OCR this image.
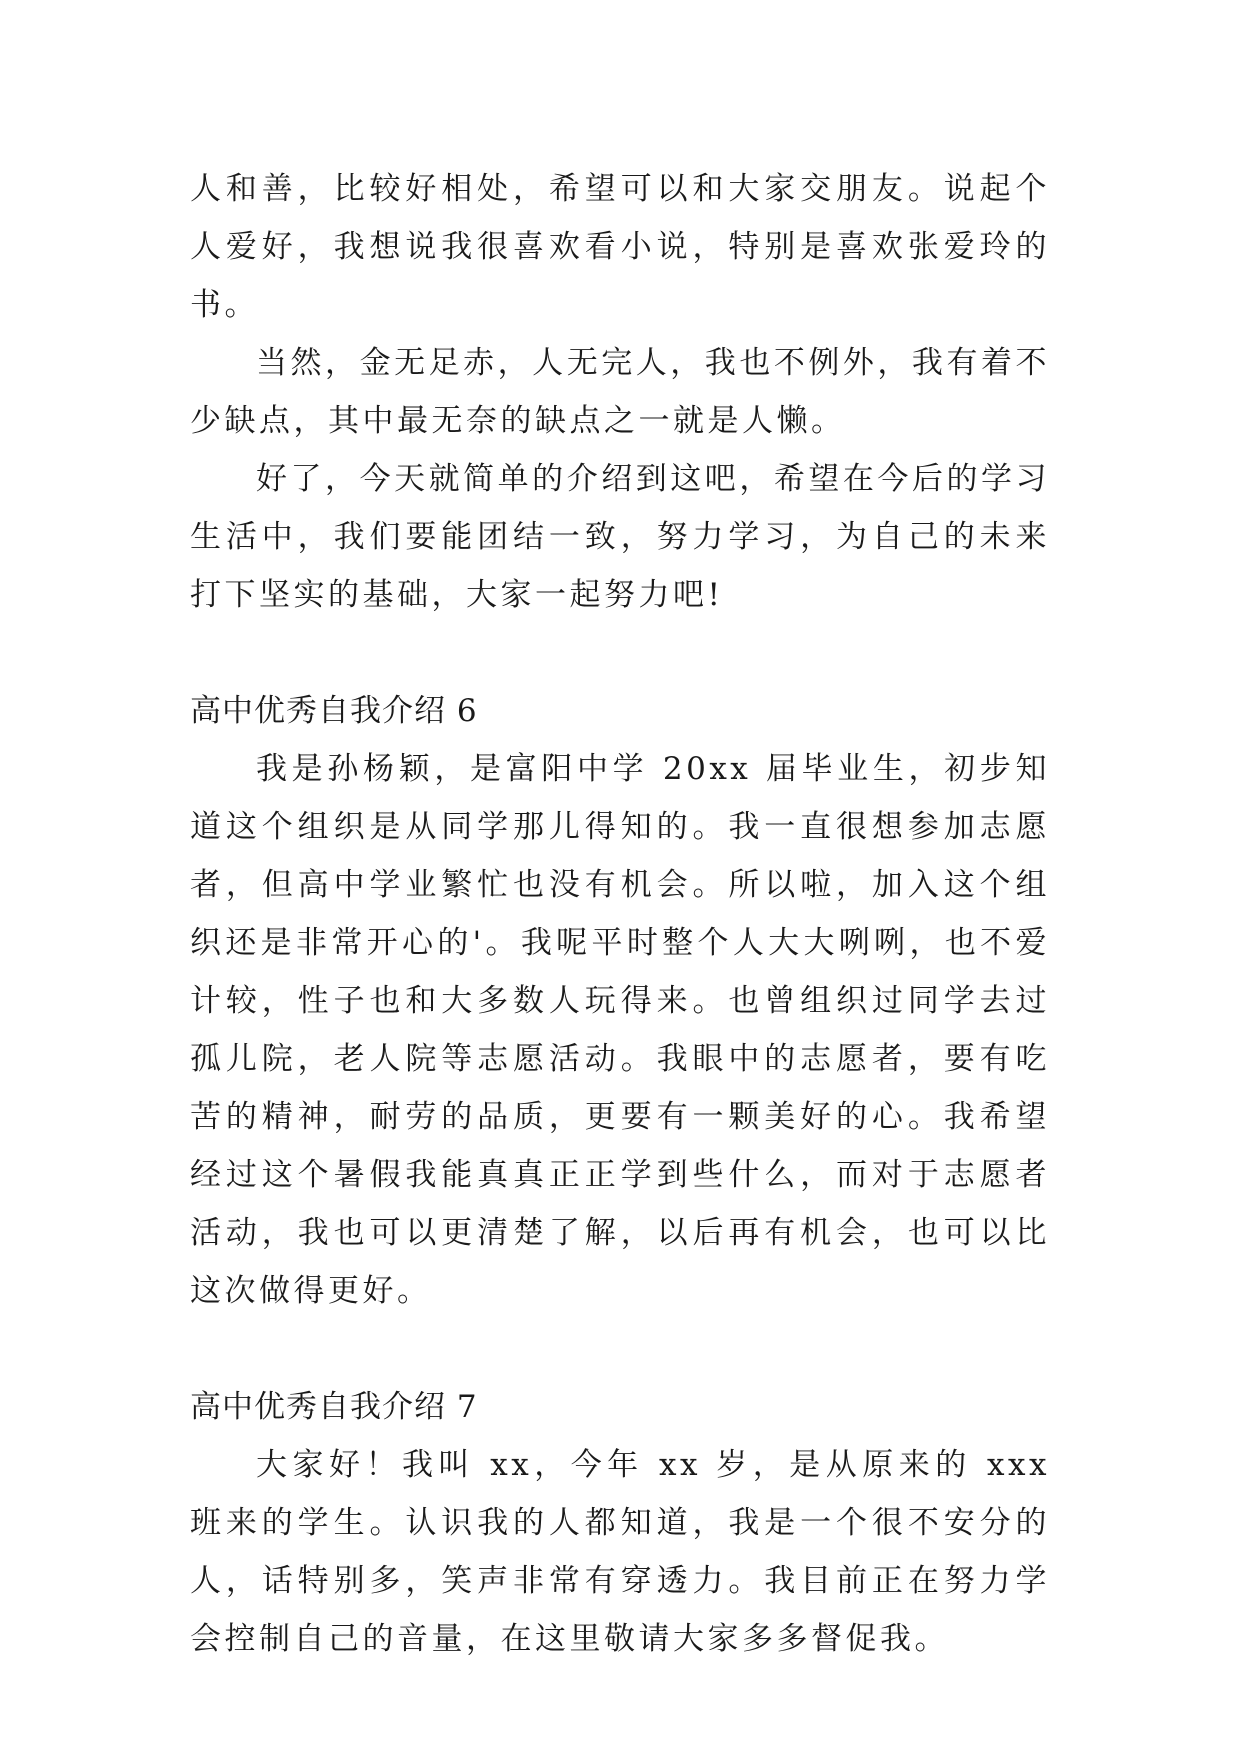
人和善，比较好相处，希望可以和大家交朋友。说起个人爱好，我想说我很喜欢看小说，特别是喜欢张爱玲的书。

当然，金无足赤，人无完人，我也不例外，我有着不少缺点，其中最无奈的缺点之一就是人懒。

好了，今天就简单的介绍到这吧，希望在今后的学习生活中，我们要能团结一致，努力学习，为自己的未来打下坚实的基础，大家一起努力吧!

高中优秀自我介绍 6

我是孙杨颖，是富阳中学 20xx 届毕业生，初步知道这个组织是从同学那儿得知的。我一直很想参加志愿者，但高中学业繁忙也没有机会。所以啦，加入这个组织还是非常开心的'。我呢平时整个人大大咧咧，也不爱计较，性子也和大多数人玩得来。也曾组织过同学去过孤儿院，老人院等志愿活动。我眼中的志愿者，要有吃苦的精神，耐劳的品质，更要有一颗美好的心。我希望经过这个暑假我能真真正正学到些什么，而对于志愿者活动，我也可以更清楚了解，以后再有机会，也可以比这次做得更好。

高中优秀自我介绍 7

大家好！我叫 xx，今年 xx 岁，是从原来的 xxx 班来的学生。认识我的人都知道，我是一个很不安分的人，话特别多，笑声非常有穿透力。我目前正在努力学会控制自己的音量，在这里敬请大家多多督促我。
